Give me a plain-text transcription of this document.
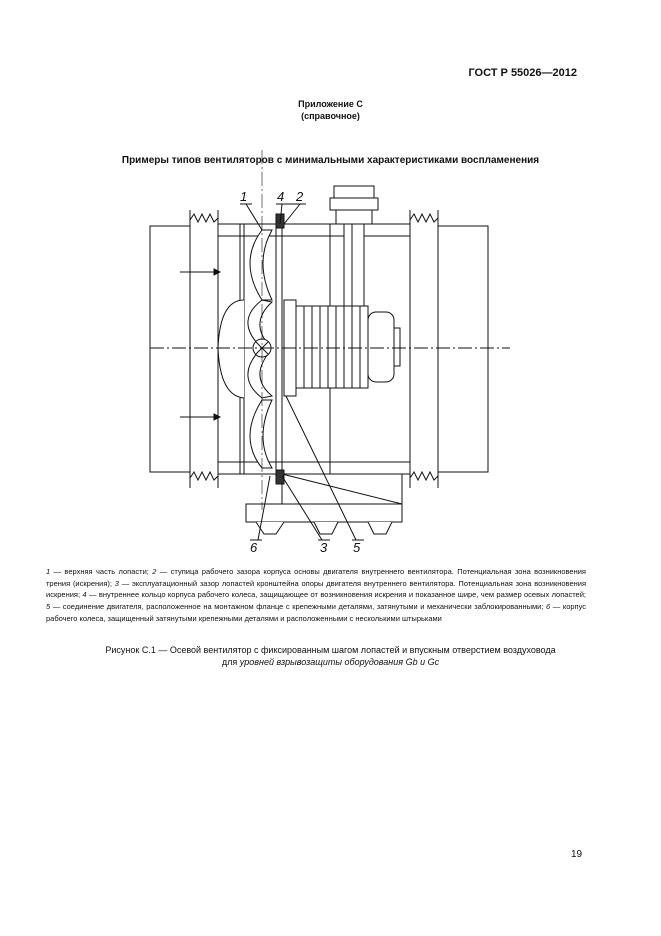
ГОСТ Р 55026—2012
Приложение С
(справочное)
Примеры типов вентиляторов с минимальными характеристиками воспламенения
1 4 2
6	3 5
1 — верхняя часть лопасти; 2 — ступица рабочего зазора корпуса основы двигателя внутреннего вентилятора. Потенциальная зона возникновения трения (искрения); 3 — эксплуатационный зазор лопастей кронштейна опоры двигателя внутреннего вентилятора. Потенциальная зона возникновения искрения; 4 — внутреннее кольцо корпуса рабочего колеса, защищающее от возникновения искрения и показанное шире, чем размер осевых лопастей; 5 — соединение двигателя, расположенное на монтажном фланце с крепежными деталями, затянутыми и механически заблокированными; 6 — корпус рабочего колеса, защищенный затянутыми крепежными деталями и расположенными с несколькими штырьками
Рисунок С.1 — Осевой вентилятор с фиксированным шагом лопастей и впускным отверстием воздуховода
для уровней взрывозащиты оборудования Gb и Gc
19
